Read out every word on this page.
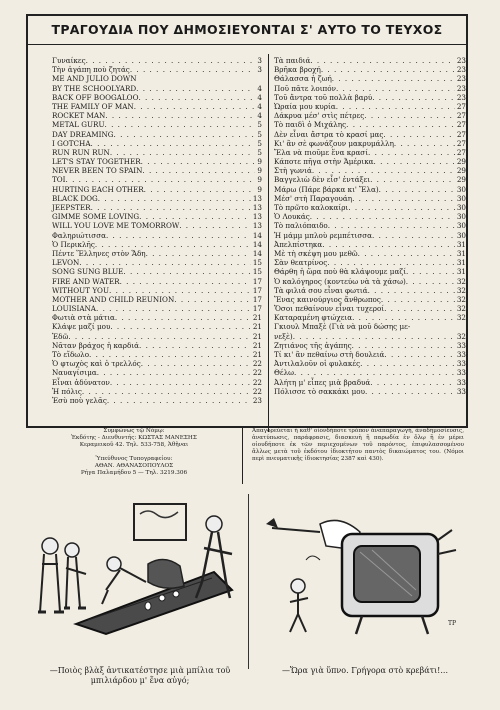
ΤΡΑΓΟΥΔΙΑ ΠΟΥ ΔΗΜΟΣΙΕΥΟΝΤΑΙ Σ' ΑΥΤΟ ΤΟ ΤΕΥΧΟΣ
Γυναίκες . . .	3
Τὴν ἀγάπη ποὺ ζητάς . . .	3
ME AND JULIO DOWN
BY THE SCHOOLYARD . . .	4
BACK OFF BOOGALOO . . .	4
THE FAMILY OF MAN . . .	4
ROCKET MAN . . .	4
METAL GURU . . .	5
DAY DREAMING . . .	5
I GOTCHA . . .	5
RUN RUN RUN . . .	5
LET'S STAY TOGETHER . . .	9
NEVER BEEN TO SPAIN . . .	9
TOI . . .	9
HURTING EACH OTHER . . .	9
BLACK DOG . . .	13
JEEPSTER . . .	13
GIMME SOME LOVING . . .	13
WILL YOU LOVE ME TOMORROW . . .	13
Φαληριώτισσα . . .	14
Ὁ Περικλῆς . . .	14
Πέντε Ἕλληνες στὸν Ἅδη . . .	14
LEVON . . .	15
SONG SUNG BLUE . . .	15
FIRE AND WATER . . .	17
WITHOUT YOU . . .	17
MOTHER AND CHILD REUNION . . .	17
LOUISIANA . . .	17
Φωτιὰ στὰ μάτια . . .	21
Κλάψε μαζί μου . . .	21
Ἐδῶ . . .	21
Νᾶταν βράχος ἡ καρδιά . . .	21
Τὸ εἴδωλο . . .	21
Ὁ φτωχὸς καὶ ὁ τρελλός . . .	22
Ναυαγίσιμα . . .	22
Εἶναι ἀδύνατον . . .	22
Ἡ πόλις . . .	22
Ἐσὺ ποὺ γελᾶς . . .	23
Τὰ παιδιά . . .	23
Βρῆκα βροχή . . .	23
Θάλασσα ἡ ζωή . . .	23
Ποῦ πᾶτε λοιπόν . . .	23
Τοῦ ἄντρα τοῦ πολλὰ βαρύ . . .	23
Ὡραία μου κυρία . . .	27
Δάκρυα μέσ' στὶς πέτρες . . .	27
Τὸ παιδὶ ὁ Μιχάλης . . .	27
Δὲν εἶναι ἄστρα τὸ κρασί μας . . .	27
Κι' ἂν σὲ φωνάζουν μακρυμάλλη . . .	27
Ἔλα νὰ πιοῦμε ἕνα κρασί . . .	27
Κάποτε πῆγα στὴν Ἀμέρικα . . .	29
Στὴ γωνιά . . .	29
Βαγγελιὼ δὲν εἶσ' ἐντάξει . . .	29
Μάρω (Πάρε βάρκα κι' Ἔλα) . . .	30
Μέσ' στὴ Παραγουάη . . .	30
Τὸ πρῶτο καλοκαίρι . . .	30
Ὁ Λουκάς . . .	30
Τὸ παλιόπαιδο . . .	30
Ἡ μάμμ μπλοὺ ρεμπέτισσα . . .	30
Ἀπελπίστηκα . . .	31
Μὲ τὴ σκέψη μου μεθῶ . . .	31
Σὰν θεατρίνος . . .	31
Θάρθη ἡ ὥρα ποὺ θὰ κλάψουμε μαζί . . .	31
Ὁ καλόγηρος (κοντεύω νὰ τὰ χάσω) . . .	32
Τὰ φιλιά σου εἶναι φωτιά . . .	32
Ἕνας καινούργιος ἄνθρωπος . . .	32
Ὅσοι πεθαίνουν εἶναι τυχεροί . . .	32
Καταραμένη φτώχεια . . .	32
Γκιουλ Μπαξὲ (Γιὰ νὰ μοῦ δώσης με-
νεξὲ) . . .	32
Ζητιάνος τῆς ἀγάπης . . .	33
Τί κι' ἂν πεθαίνω στὴ δουλειά . . .	33
Ἀντιλαλοῦν οἱ φυλακές . . .	33
Θέλω . . .	33
Ἀλήτη μ' εἶπες μιὰ βραδυά . . .	33
Πόλισσε τὸ σακκάκι μου . . .	33
Συμφώνως τῷ Νόμῳ:
Ἐκδότης - Διευθυντής: ΚΩΣΤΑΣ ΜΑΝΕΣΗΣ
Κεραμεικοῦ 42. Τηλ. 533-758, Ἀθῆναι
Ὑπεύθυνος Τυπογραφείου:
ΑΘΑΝ. ΑΘΑΝΑΣΟΠΟΥΛΟΣ
Ρήγα Παλαμήδου 5 — Τηλ. 3219.306
Ἀπαγορεύεται ἡ καθ' οἱονδήποτε τρόπον ἀναπαραγωγή, ἀναδημοσίευσις, ἀνατύπωσις, παράφρασις, διασκευὴ ἢ παρωδία ἐν ὅλῳ ἢ ἐν μέρει οἱουδήποτε ἐκ τῶν περιεχομένων τοῦ παρόντος, ἐπιφυλασσομένου ἅλλως μετὰ τοῦ ἐκδότου ἰδιοκτήτου παντὸς δικαιώματος του. (Νόμοι περὶ πνευματικῆς ἰδιοκτησίας 2387 καὶ 430).
ΤΡ
—Ποιὸς βλὰξ ἀντικατέστησε μιὰ μπίλια τοῦ μπιλιάρδου μ' ἕνα αὐγό;
—Ὥρα γιὰ ὕπνο. Γρήγορα στὸ κρεβάτι!...
